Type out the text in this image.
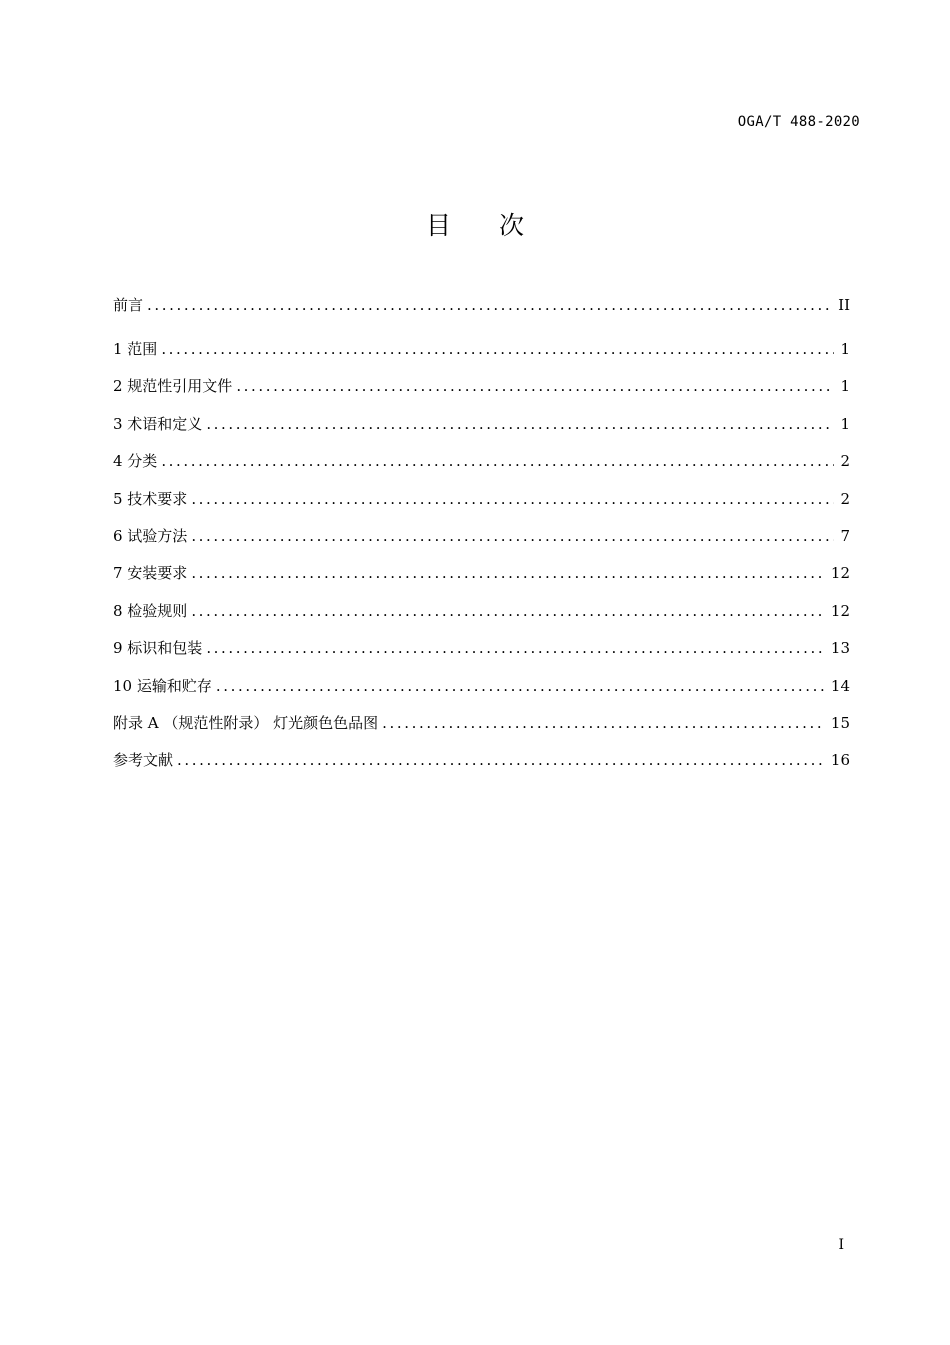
OGA/T 488-2020
目次
前言 .....	II
1 范围 .....	1
2 规范性引用文件 .....	1
3 术语和定义 .....	1
4 分类 .....	2
5 技术要求 .....	2
6 试验方法 .....	7
7 安装要求 .....	12
8 检验规则 .....	12
9 标识和包装 .....	13
10 运输和贮存 .....	14
附录 A （规范性附录） 灯光颜色色品图 .....	15
参考文献 .....	16
I
